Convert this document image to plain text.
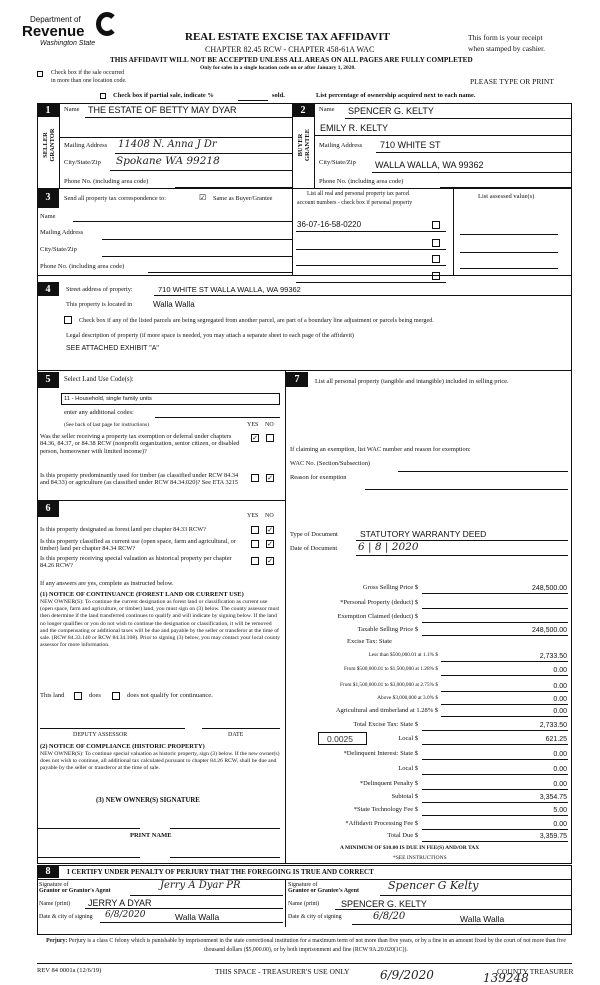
Department of
Revenue
Washington State
REAL ESTATE EXCISE TAX AFFIDAVIT
CHAPTER 82.45 RCW - CHAPTER 458-61A WAC
This form is your receipt
when stamped by cashier.
THIS AFFIDAVIT WILL NOT BE ACCEPTED UNLESS ALL AREAS ON ALL PAGES ARE FULLY COMPLETED
Only for sales in a single location code on or after January 1, 2020.
Check box if the sale occurred
in more than one location code.	PLEASE TYPE OR PRINT
Check box if partial sale, indicate %	sold.	List percentage of ownership acquired next to each name.
1
SELLER GRANTOR
Name THE ESTATE OF BETTY MAY DYAR
Mailing Address 11408 N. Anna J Dr
City/State/Zip Spokane WA 99218
Phone No. (including area code)
2
BUYER GRANTEE
Name SPENCER G. KELTY
EMILY R. KELTY
Mailing Address 710 WHITE ST
City/State/Zip WALLA WALLA, WA 99362
Phone No. (including area code)
3	Send all property tax correspondence to:	☑ Same as Buyer/Grantee
Name
Mailing Address
City/State/Zip
Phone No. (including area code)
List all real and personal property tax parcel
account numbers - check box if personal property
List assessed value(s)
36-07-16-58-0220
4	Street address of property:	710 WHITE ST WALLA WALLA, WA 99362
This property is located in	Walla Walla
Check box if any of the listed parcels are being segregated from another parcel, are part of a boundary line adjustment or parcels being merged.
Legal description of property (if more space is needed, you may attach a separate sheet to each page of the affidavit)
SEE ATTACHED EXHIBIT "A"
5	Select Land Use Code(s):
11 - Household, single family units
enter any additional codes:
(See back of last page for instructions)	YES NO
Was the seller receiving a property tax exemption or deferral under chapters 84.36, 84.37, or 84.38 RCW (nonprofit organization, senior citizen, or disabled person, homeowner with limited income)?
✓
Is this property predominantly used for timber (as classified under RCW 84.34 and 84.33) or agriculture (as classified under RCW 84.34.020)? See ETA 3215	✓
6
YES NO
Is this property designated as forest land per chapter 84.33 RCW?	✓
Is this property classified as current use (open space, farm and agricultural, or timber) land per chapter 84.34 RCW?	✓
Is this property receiving special valuation as historical property per chapter 84.26 RCW?	✓
If any answers are yes, complete as instructed below.
(1) NOTICE OF CONTINUANCE (FOREST LAND OR CURRENT USE)
NEW OWNER(S): To continue the current designation as forest land or classification as current use (open space, farm and agriculture, or timber) land, you must sign on (3) below. The county assessor must then determine if the land transferred continues to qualify and will indicate by signing below. If the land no longer qualifies or you do not wish to continue the designation or classification, it will be removed and the compensating or additional taxes will be due and payable by the seller or transferor at the time of sale. (RCW 84.33.140 or RCW 84.34.108). Prior to signing (3) below, you may contact your local county assessor for more information.
This land	does	does not qualify for continuance.
DEPUTY ASSESSOR	DATE
(2) NOTICE OF COMPLIANCE (HISTORIC PROPERTY)
NEW OWNER(S): To continue special valuation as historic property, sign (3) below. If the new owner(s) does not wish to continue, all additional tax calculated pursuant to chapter 84.26 RCW, shall be due and payable by the seller or transferor at the time of sale.
(3) NEW OWNER(S) SIGNATURE
PRINT NAME
7	List all personal property (tangible and intangible) included in selling price.
If claiming an exemption, list WAC number and reason for exemption:
WAC No. (Section/Subsection)
Reason for exemption
Type of Document	STATUTORY WARRANTY DEED
Date of Document 6 | 8 | 2020
Gross Selling Price $	248,500.00
*Personal Property (deduct) $
Exemption Claimed (deduct) $
Taxable Selling Price $	248,500.00
Excise Tax: State
Less than $500,000.01 at 1.1% $	2,733.50
From $500,000.01 to $1,500,000 at 1.28% $	0.00
From $1,500,000.01 to $3,000,000 at 2.75% $	0.00
Above $3,000,000 at 3.0% $	0.00
Agricultural and timberland at 1.28% $	0.00
Total Excise Tax: State $	2,733.50
Local $	621.25
*Delinquent Interest: State $	0.00
Local $	0.00
*Delinquent Penalty $	0.00
Subtotal $	3,354.75
*State Technology Fee $	5.00
*Affidavit Processing Fee $	0.00
Total Due $	3,359.75
0.0025
A MINIMUM OF $10.00 IS DUE IN FEE(S) AND/OR TAX
*SEE INSTRUCTIONS
8	I CERTIFY UNDER PENALTY OF PERJURY THAT THE FOREGOING IS TRUE AND CORRECT
Signature of
Grantor or Grantor's Agent	Jerry A Dyar PR
Name (print) JERRY A DYAR
Date & city of signing 6/8/2020	Walla Walla
Signature of
Grantee or Grantee's Agent	Spencer G Kelty
Name (print) SPENCER G. KELTY
Date & city of signing	6/8/20	Walla Walla
Perjury: Perjury is a class C felony which is punishable by imprisonment in the state correctional institution for a maximum term of not more than five years, or by a fine in an amount fixed by the court of not more than five thousand dollars ($5,000.00), or by both imprisonment and fine (RCW 9A.20.020(1C)).
REV 84 0001a (12/6/19)	THIS SPACE - TREASURER'S USE ONLY	COUNTY TREASURER
6/9/2020	139248
